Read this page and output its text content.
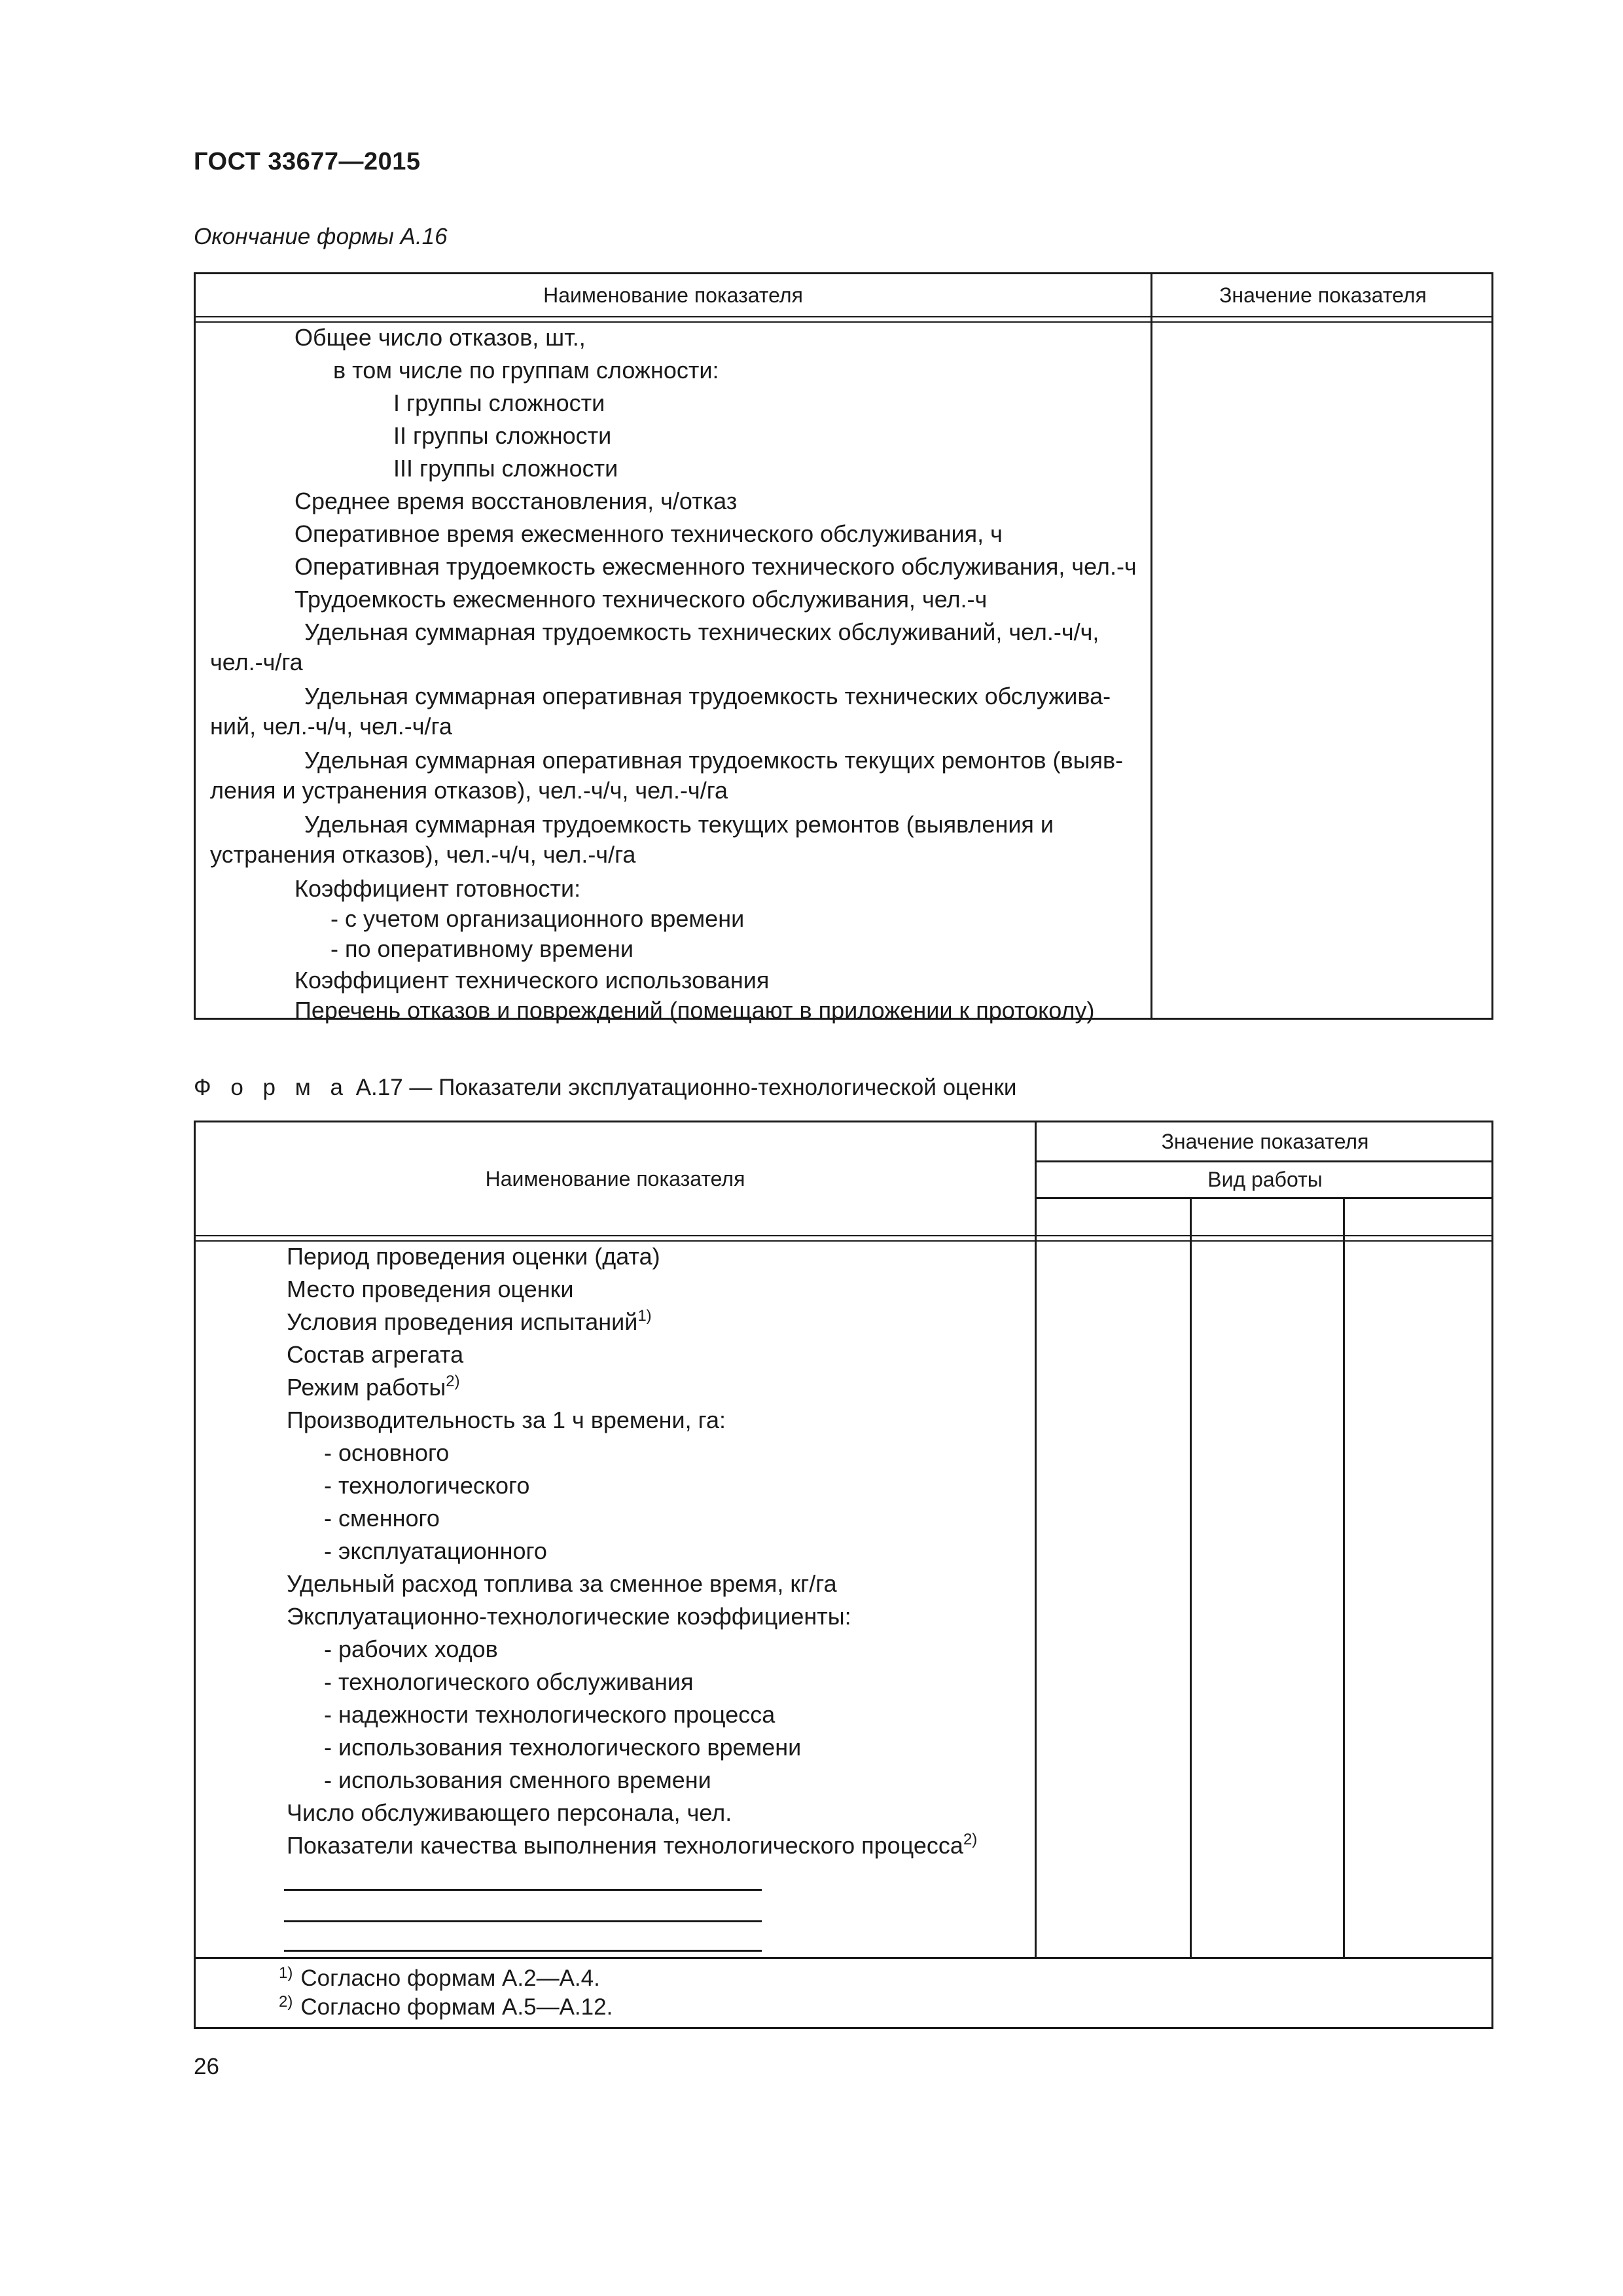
ГОСТ 33677—2015
Окончание формы А.16
Наименование показателя	Значение показателя
Общее число отказов, шт.,
в том числе по группам сложности:
I группы сложности
II группы сложности
III группы сложности
Среднее время восстановления, ч/отказ
Оперативное время ежесменного технического обслуживания, ч
Оперативная трудоемкость ежесменного технического обслуживания, чел.-ч
Трудоемкость ежесменного технического обслуживания, чел.-ч
Удельная суммарная трудоемкость технических обслуживаний, чел.-ч/ч,
чел.-ч/га
Удельная суммарная оперативная трудоемкость технических обслужива-
ний, чел.-ч/ч, чел.-ч/га
Удельная суммарная оперативная трудоемкость текущих ремонтов (выяв-
ления и устранения отказов), чел.-ч/ч, чел.-ч/га
Удельная суммарная трудоемкость текущих ремонтов (выявления и
устранения отказов), чел.-ч/ч, чел.-ч/га
Коэффициент готовности:
- с учетом организационного времени
- по оперативному времени
Коэффициент технического использования
Перечень отказов и повреждений (помещают в приложении к протоколу)
Ф о р м а А.17 — Показатели эксплуатационно-технологической оценки
Наименование показателя
Значение показателя
Вид работы
Период проведения оценки (дата)
Место проведения оценки
Условия проведения испытаний$^{1)}$
Состав агрегата
Режим работы$^{2)}$
Производительность за 1 ч времени, га:
- основного
- технологического
- сменного
- эксплуатационного
Удельный расход топлива за сменное время, кг/га
Эксплуатационно-технологические коэффициенты:
- рабочих ходов
- технологического обслуживания
- надежности технологического процесса
- использования технологического времени
- использования сменного времени
Число обслуживающего персонала, чел.
Показатели качества выполнения технологического процесса$^{2)}$
$^{1)}$ Согласно формам А.2—А.4.
$^{2)}$ Согласно формам А.5—А.12.
26
